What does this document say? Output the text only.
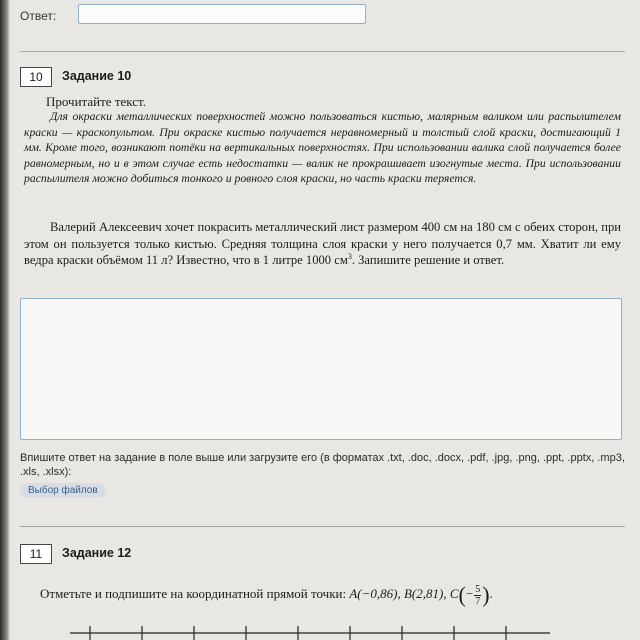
Ответ:
10	Задание 10
Прочитайте текст.
Для окраски металлических поверхностей можно пользоваться кистью, малярным валиком или распылителем краски — краскопультом. При окраске кистью получается неравномерный и толстый слой краски, достигающий 1 мм. Кроме того, возникают потёки на вертикальных поверхностях. При использовании валика слой получается более равномерным, но и в этом случае есть недостатки — валик не прокрашивает изогнутые места. При использовании распылителя можно добиться тонкого и ровного слоя краски, но часть краски теряется.
Валерий Алексеевич хочет покрасить металлический лист размером 400 см на 180 см с обеих сторон, при этом он пользуется только кистью. Средняя толщина слоя краски у него получается 0,7 мм. Хватит ли ему ведра краски объёмом 11 л? Известно, что в 1 литре 1000 $см^3$. Запишите решение и ответ.
Впишите ответ на задание в поле выше или загрузите его (в форматах .txt, .doc, .docx, .pdf, .jpg, .png, .ppt, .pptx, .mp3, .xls, .xlsx):
Выбор файлов
11	Задание 12
Отметьте и подпишите на координатной прямой точки: A(−0,86), B(2,81), $C(- \frac{5}{7}$ ).
